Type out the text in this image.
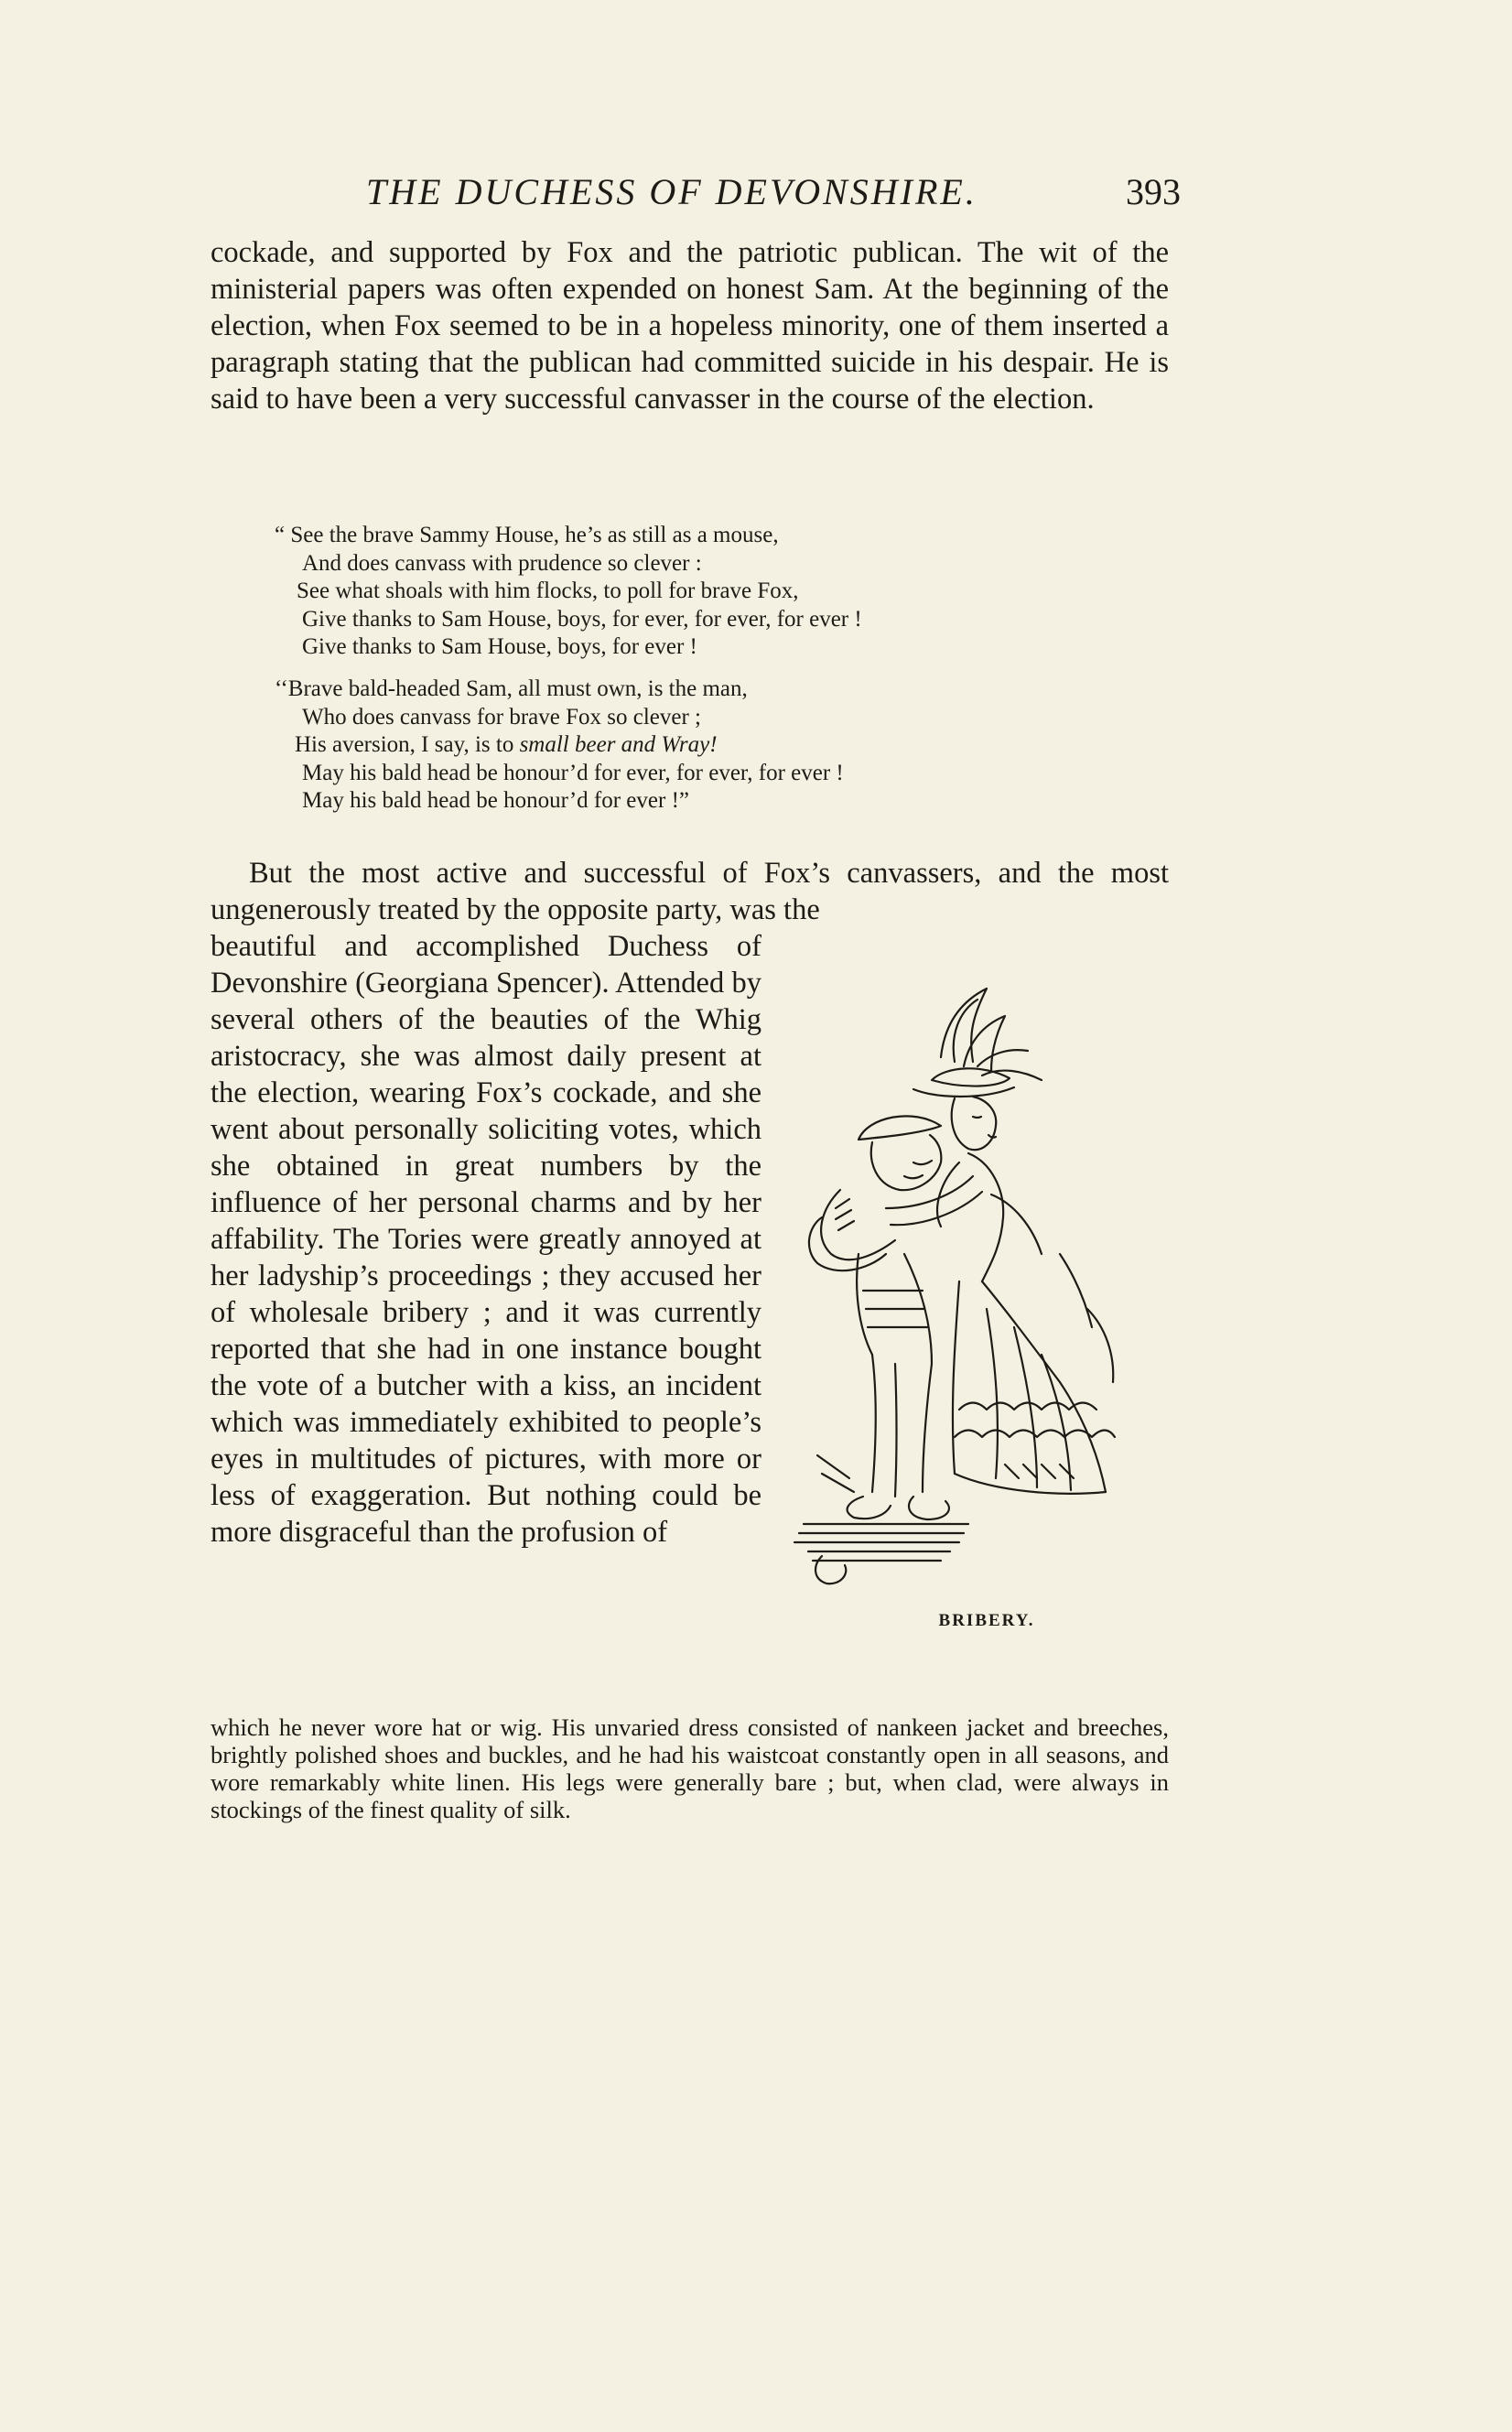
THE DUCHESS OF DEVONSHIRE.	393
cockade, and supported by Fox and the patriotic publican. The wit of the ministerial papers was often expended on honest Sam. At the beginning of the election, when Fox seemed to be in a hopeless minority, one of them inserted a paragraph stating that the publican had committed suicide in his despair. He is said to have been a very successful canvasser in the course of the election.
“ See the brave Sammy House, he’s as still as a mouse,
And does canvass with prudence so clever :
See what shoals with him flocks, to poll for brave Fox,
Give thanks to Sam House, boys, for ever, for ever, for ever !
Give thanks to Sam House, boys, for ever !
‘‘Brave bald-headed Sam, all must own, is the man,
Who does canvass for brave Fox so clever ;
His aversion, I say, is to small beer and Wray!
May his bald head be honour’d for ever, for ever, for ever !
May his bald head be honour’d for ever !”
But the most active and successful of Fox’s canvassers, and the most ungenerously treated by the opposite party, was the
beautiful and accomplished Duchess of Devonshire (Georgiana Spencer). Attended by several others of the beauties of the Whig aristocracy, she was almost daily present at the election, wearing Fox’s cockade, and she went about personally soliciting votes, which she obtained in great numbers by the influence of her personal charms and by her affability. The Tories were greatly annoyed at her ladyship’s proceedings ; they accused her of wholesale bribery ; and it was currently reported that she had in one instance bought the vote of a butcher with a kiss, an incident which was immediately exhibited to people’s eyes in multitudes of pictures, with more or less of exaggeration. But nothing could be more disgraceful than the profusion of
BRIBERY.
which he never wore hat or wig. His unvaried dress consisted of nankeen jacket and breeches, brightly polished shoes and buckles, and he had his waistcoat constantly open in all seasons, and wore remarkably white linen. His legs were generally bare ; but, when clad, were always in stockings of the finest quality of silk.
